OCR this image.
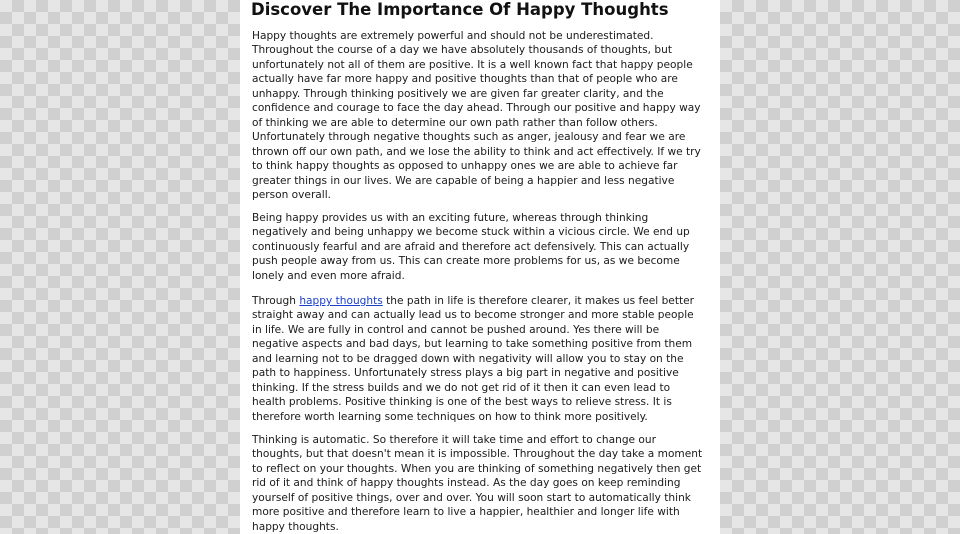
Discover The Importance Of Happy Thoughts

Happy thoughts are extremely powerful and should not be underestimated.
Throughout the course of a day we have absolutely thousands of thoughts, but
unfortunately not all of them are positive. It is a well known fact that happy people
actually have far more happy and positive thoughts than that of people who are
unhappy. Through thinking positively we are given far greater clarity, and the
confidence and courage to face the day ahead. Through our positive and happy way
of thinking we are able to determine our own path rather than follow others.
Unfortunately through negative thoughts such as anger, jealousy and fear we are
thrown off our own path, and we lose the ability to think and act effectively. If we try
to think happy thoughts as opposed to unhappy ones we are able to achieve far
greater things in our lives. We are capable of being a happier and less negative
person overall.

Being happy provides us with an exciting future, whereas through thinking
negatively and being unhappy we become stuck within a vicious circle. We end up
continuously fearful and are afraid and therefore act defensively. This can actually
push people away from us. This can create more problems for us, as we become
lonely and even more afraid.

Through happy thoughts the path in life is therefore clearer, it makes us feel better
straight away and can actually lead us to become stronger and more stable people
in life. We are fully in control and cannot be pushed around. Yes there will be
negative aspects and bad days, but learning to take something positive from them
and learning not to be dragged down with negativity will allow you to stay on the
path to happiness. Unfortunately stress plays a big part in negative and positive
thinking. If the stress builds and we do not get rid of it then it can even lead to
health problems. Positive thinking is one of the best ways to relieve stress. It is
therefore worth learning some techniques on how to think more positively.

Thinking is automatic. So therefore it will take time and effort to change our
thoughts, but that doesn't mean it is impossible. Throughout the day take a moment
to reflect on your thoughts. When you are thinking of something negatively then get
rid of it and think of happy thoughts instead. As the day goes on keep reminding
yourself of positive things, over and over. You will soon start to automatically think
more positive and therefore learn to live a happier, healthier and longer life with
happy thoughts.
